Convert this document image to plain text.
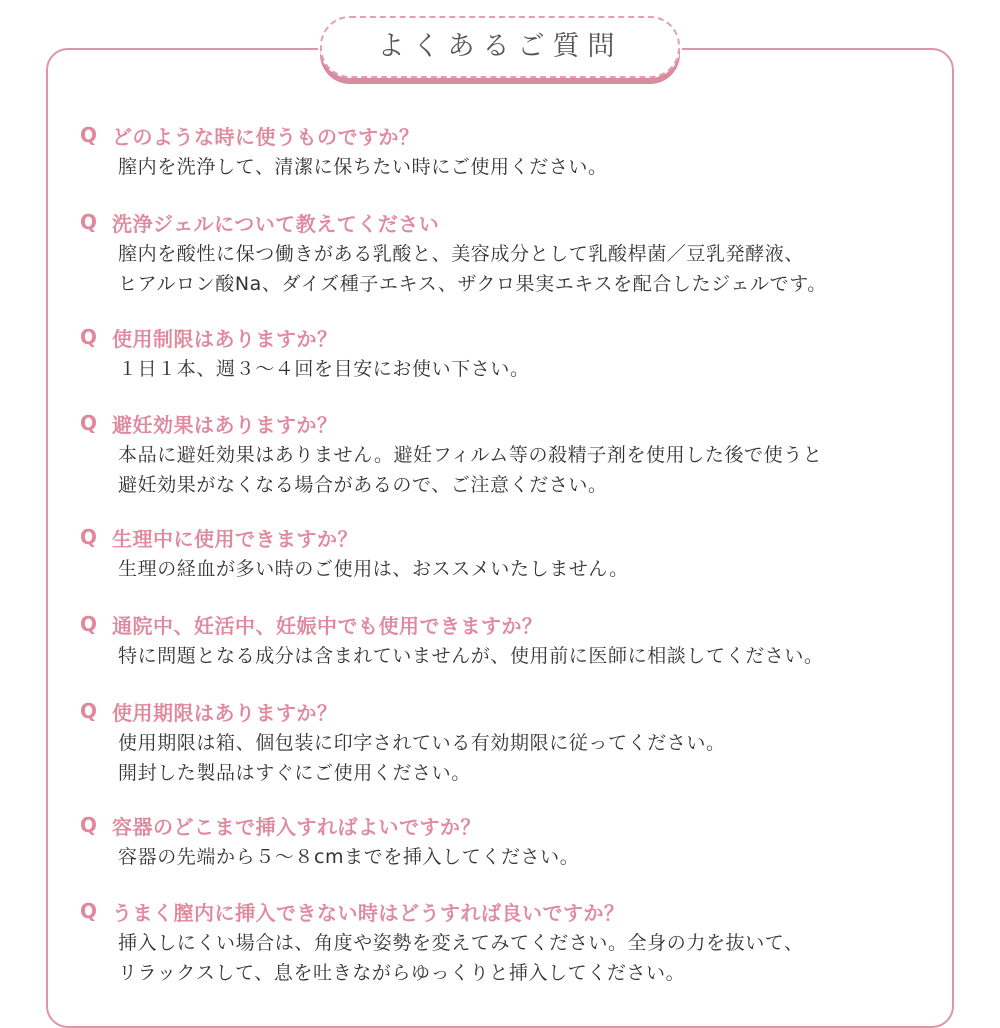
よくあるご質問
Q どのような時に使うものですか？
膣内を洗浄して、清潔に保ちたい時にご使用ください。
Q 洗浄ジェルについて教えてください
膣内を酸性に保つ働きがある乳酸と、美容成分として乳酸桿菌／豆乳発酵液、
ヒアルロン酸Na、ダイズ種子エキス、ザクロ果実エキスを配合したジェルです。
Q 使用制限はありますか？
１日１本、週３～４回を目安にお使い下さい。
Q 避妊効果はありますか？
本品に避妊効果はありません。避妊フィルム等の殺精子剤を使用した後で使うと
避妊効果がなくなる場合があるので、ご注意ください。
Q 生理中に使用できますか？
生理の経血が多い時のご使用は、おススメいたしません。
Q 通院中、妊活中、妊娠中でも使用できますか？
特に問題となる成分は含まれていませんが、使用前に医師に相談してください。
Q 使用期限はありますか？
使用期限は箱、個包装に印字されている有効期限に従ってください。
開封した製品はすぐにご使用ください。
Q 容器のどこまで挿入すればよいですか？
容器の先端から５～８cmまでを挿入してください。
Q うまく膣内に挿入できない時はどうすれば良いですか？
挿入しにくい場合は、角度や姿勢を変えてみてください。全身の力を抜いて、
リラックスして、息を吐きながらゆっくりと挿入してください。
